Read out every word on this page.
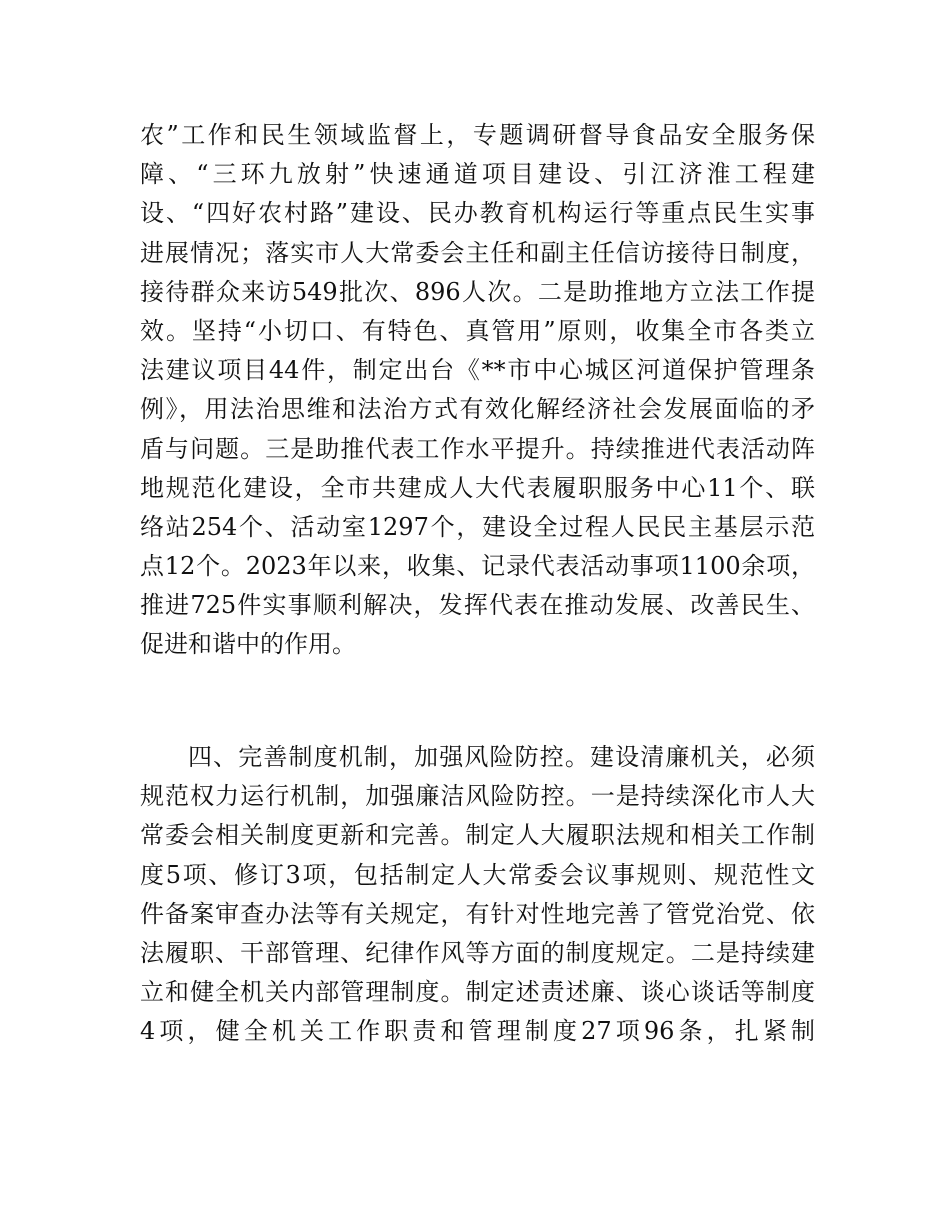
农”工作和民生领域监督上，专题调研督导食品安全服务保
障、“三环九放射”快速通道项目建设、引江济淮工程建
设、“四好农村路”建设、民办教育机构运行等重点民生实事
进展情况；落实市人大常委会主任和副主任信访接待日制度，
接待群众来访549批次、896人次。二是助推地方立法工作提
效。坚持“小切口、有特色、真管用”原则，收集全市各类立
法建议项目44件，制定出台《**市中心城区河道保护管理条
例》，用法治思维和法治方式有效化解经济社会发展面临的矛
盾与问题。三是助推代表工作水平提升。持续推进代表活动阵
地规范化建设，全市共建成人大代表履职服务中心11个、联
络站254个、活动室1297个，建设全过程人民民主基层示范
点12个。2023年以来，收集、记录代表活动事项1100余项，
推进725件实事顺利解决，发挥代表在推动发展、改善民生、
促进和谐中的作用。
四、完善制度机制，加强风险防控。建设清廉机关，必须
规范权力运行机制，加强廉洁风险防控。一是持续深化市人大
常委会相关制度更新和完善。制定人大履职法规和相关工作制
度5项、修订3项，包括制定人大常委会议事规则、规范性文
件备案审查办法等有关规定，有针对性地完善了管党治党、依
法履职、干部管理、纪律作风等方面的制度规定。二是持续建
立和健全机关内部管理制度。制定述责述廉、谈心谈话等制度
4项，健全机关工作职责和管理制度27项96条，扎紧制
